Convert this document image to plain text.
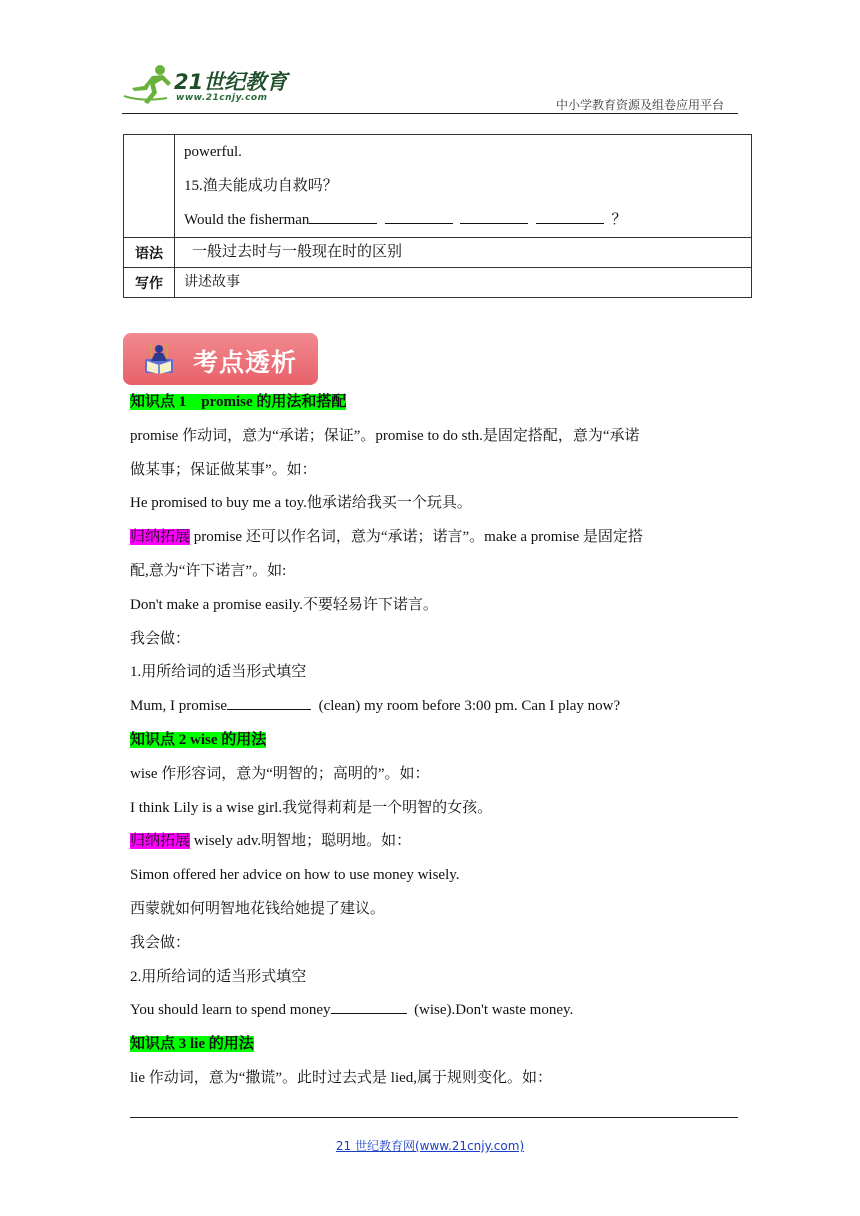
21世纪教育
www.21cnjy.com	中小学教育资源及组卷应用平台

	powerful.
15.渔夫能成功自救吗？
Would the fisherman ？

语法	一般过去时与一般现在时的区别
写作	讲述故事
考点透析
知识点 1　promise 的用法和搭配
promise 作动词，意为“承诺；保证”。promise to do sth.是固定搭配，意为“承诺
做某事；保证做某事”。如：
He promised to buy me a toy.他承诺给我买一个玩具。
归纳拓展 promise 还可以作名词，意为“承诺；诺言”。make a promise 是固定搭
配,意为“许下诺言”。如:
Don't make a promise easily.不要轻易许下诺言。
我会做：
1.用所给词的适当形式填空
Mum, I promise	(clean) my room before 3:00 pm. Can I play now?
知识点 2 wise 的用法
wise 作形容词，意为“明智的；高明的”。如：
I think Lily is a wise girl.我觉得莉莉是一个明智的女孩。
归纳拓展 wisely adv.明智地；聪明地。如：
Simon offered her advice on how to use money wisely.
西蒙就如何明智地花钱给她提了建议。
我会做：
2.用所给词的适当形式填空
You should learn to spend money	(wise).Don't waste money.
知识点 3 lie 的用法
lie 作动词，意为“撒谎”。此时过去式是 lied,属于规则变化。如：
21 世纪教育网(www.21cnjy.com)
